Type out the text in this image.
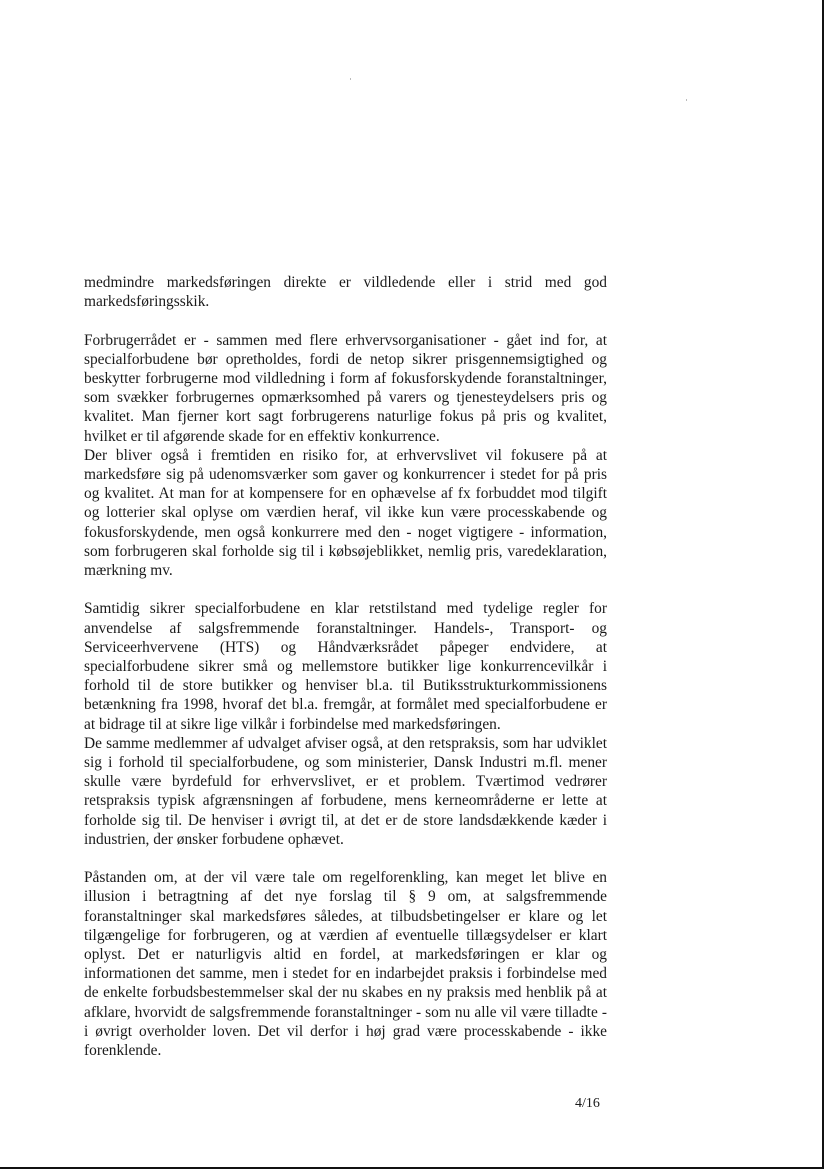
medmindre markedsføringen direkte er vildledende eller i strid med god markedsføringsskik.

Forbrugerrådet er - sammen med flere erhvervsorganisationer - gået ind for, at specialforbudene bør opretholdes, fordi de netop sikrer prisgennemsigtighed og beskytter forbrugerne mod vildledning i form af fokusforskydende foranstaltninger, som svækker forbrugernes opmærksomhed på varers og tjenesteydelsers pris og kvalitet. Man fjerner kort sagt forbrugerens naturlige fokus på pris og kvalitet, hvilket er til afgørende skade for en effektiv konkurrence.

Der bliver også i fremtiden en risiko for, at erhvervslivet vil fokusere på at markedsføre sig på udenomsværker som gaver og konkurrencer i stedet for på pris og kvalitet. At man for at kompensere for en ophævelse af fx forbuddet mod tilgift og lotterier skal oplyse om værdien heraf, vil ikke kun være processkabende og fokusforskydende, men også konkurrere med den - noget vigtigere - information, som forbrugeren skal forholde sig til i købsøjeblikket, nemlig pris, varedeklaration, mærkning mv.

Samtidig sikrer specialforbudene en klar retstilstand med tydelige regler for anvendelse af salgsfremmende foranstaltninger. Handels-, Transport- og Serviceerhvervene (HTS) og Håndværksrådet påpeger endvidere, at specialforbudene sikrer små og mellemstore butikker lige konkurrencevilkår i forhold til de store butikker og henviser bl.a. til Butiksstrukturkommissionens betænkning fra 1998, hvoraf det bl.a. fremgår, at formålet med specialforbudene er at bidrage til at sikre lige vilkår i forbindelse med markedsføringen.

De samme medlemmer af udvalget afviser også, at den retspraksis, som har udviklet sig i forhold til specialforbudene, og som ministerier, Dansk Industri m.fl. mener skulle være byrdefuld for erhvervslivet, er et problem. Tværtimod vedrører retspraksis typisk afgrænsningen af forbudene, mens kerneområderne er lette at forholde sig til. De henviser i øvrigt til, at det er de store landsdækkende kæder i industrien, der ønsker forbudene ophævet.

Påstanden om, at der vil være tale om regelforenkling, kan meget let blive en illusion i betragtning af det nye forslag til § 9 om, at salgsfremmende foranstaltninger skal markedsføres således, at tilbudsbetingelser er klare og let tilgængelige for forbrugeren, og at værdien af eventuelle tillægsydelser er klart oplyst. Det er naturligvis altid en fordel, at markedsføringen er klar og informationen det samme, men i stedet for en indarbejdet praksis i forbindelse med de enkelte forbudsbestemmelser skal der nu skabes en ny praksis med henblik på at afklare, hvorvidt de salgsfremmende foranstaltninger - som nu alle vil være tilladte - i øvrigt overholder loven. Det vil derfor i høj grad være processkabende - ikke forenklende.

4/16
